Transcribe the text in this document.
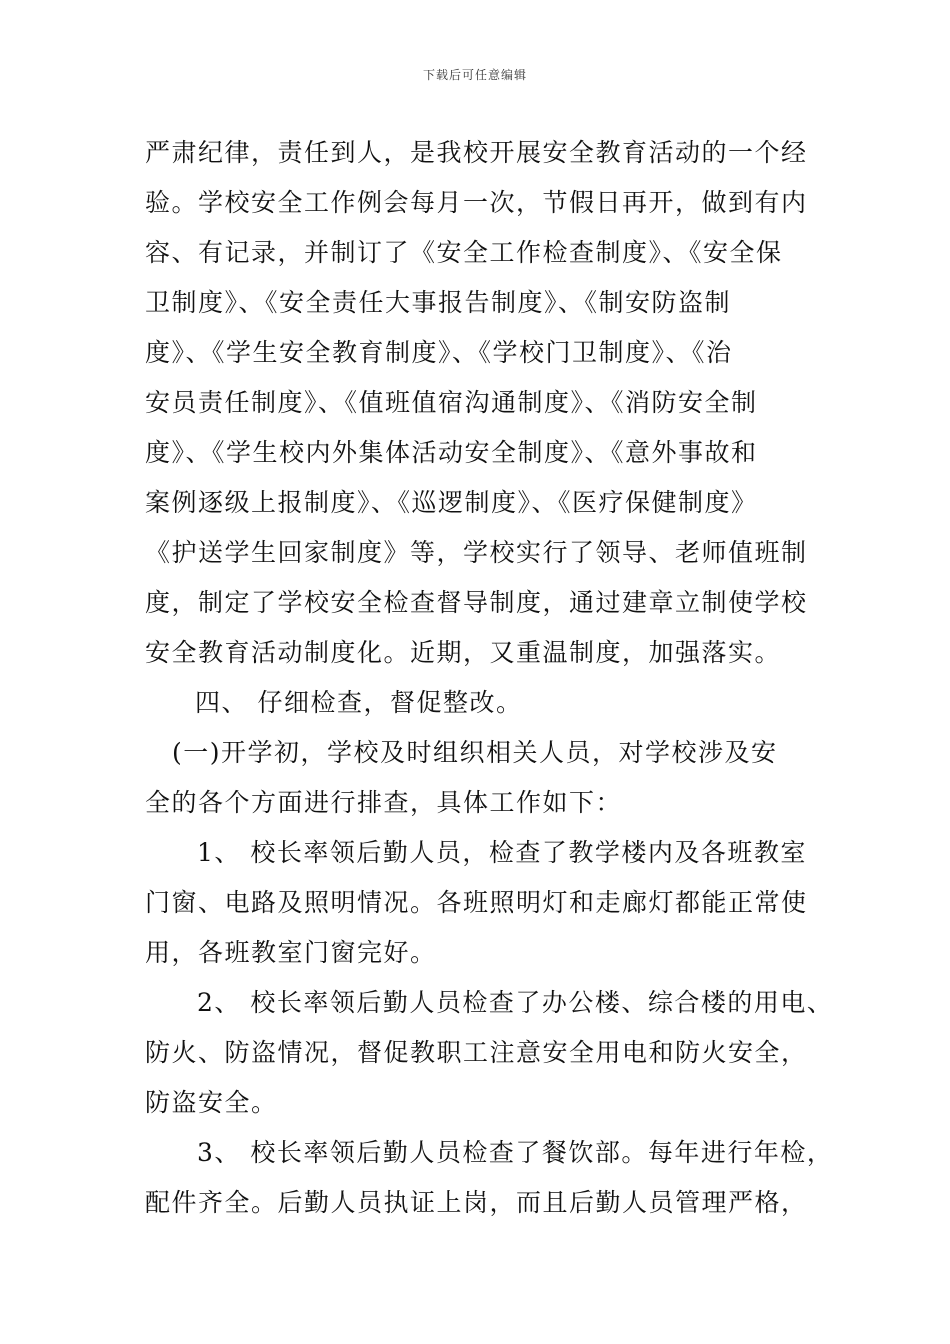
下载后可任意编辑
严肃纪律，责任到人，是我校开展安全教育活动的一个经
验。学校安全工作例会每月一次，节假日再开，做到有内
容、有记录，并制订了《安全工作检查制度》、《安全保
卫制度》、《安全责任大事报告制度》、《制安防盗制
度》、《学生安全教育制度》、《学校门卫制度》、《治
安员责任制度》、《值班值宿沟通制度》、《消防安全制
度》、《学生校内外集体活动安全制度》、《意外事故和
案例逐级上报制度》、《巡逻制度》、《医疗保健制度》
《护送学生回家制度》等，学校实行了领导、老师值班制
度，制定了学校安全检查督导制度，通过建章立制使学校
安全教育活动制度化。近期，又重温制度，加强落实。
四、 仔细检查，督促整改。
(一)开学初，学校及时组织相关人员，对学校涉及安
全的各个方面进行排查，具体工作如下：
1、 校长率领后勤人员，检查了教学楼内及各班教室
门窗、电路及照明情况。各班照明灯和走廊灯都能正常使
用，各班教室门窗完好。
2、 校长率领后勤人员检查了办公楼、综合楼的用电、
防火、防盗情况，督促教职工注意安全用电和防火安全，
防盗安全。
3、 校长率领后勤人员检查了餐饮部。每年进行年检，
配件齐全。后勤人员执证上岗，而且后勤人员管理严格，
